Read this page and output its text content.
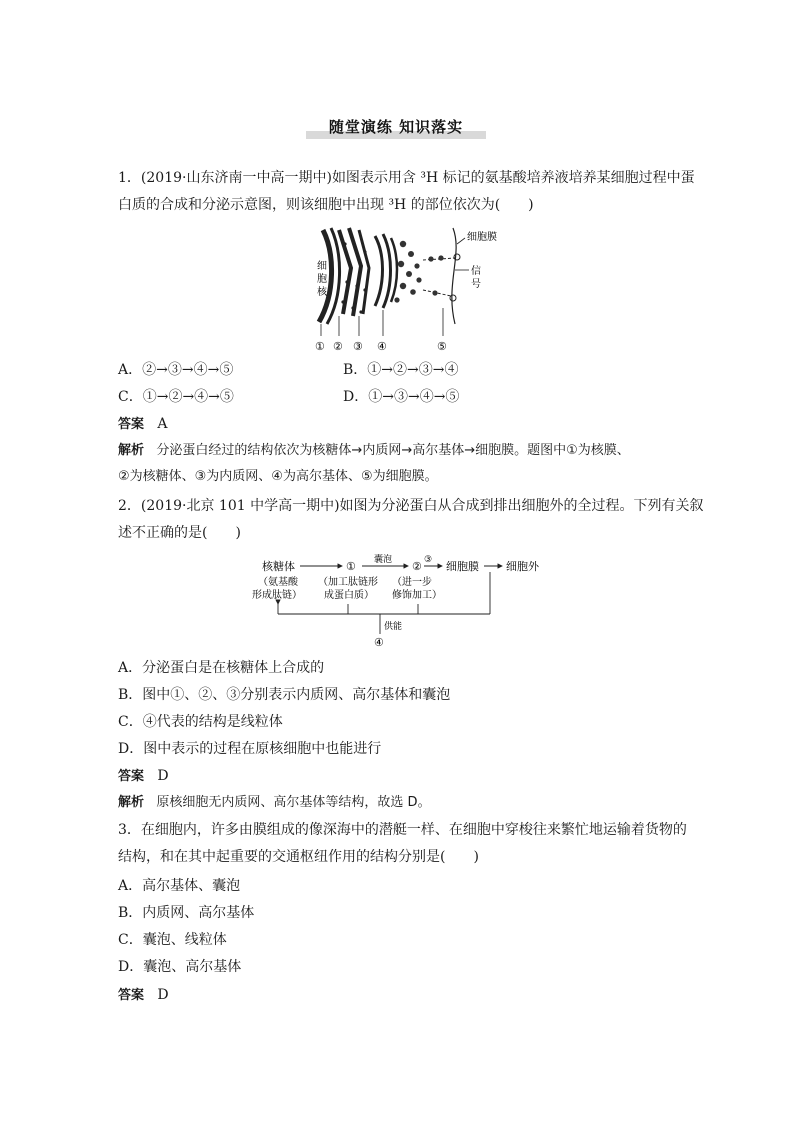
随堂演练 知识落实
1．(2019·山东济南一中高一期中)如图表示用含 ³H 标记的氨基酸培养液培养某细胞过程中蛋
白质的合成和分泌示意图，则该细胞中出现 ³H 的部位依次为(　　)
细 胞 核
细胞膜
信
号
① ② ③ ④	⑤
A．②→③→④→⑤	B．①→②→③→④
C．①→②→④→⑤	D．①→③→④→⑤
答案 A
解析 分泌蛋白经过的结构依次为核糖体→内质网→高尔基体→细胞膜。题图中①为核膜、
②为核糖体、③为内质网、④为高尔基体、⑤为细胞膜。
2．(2019·北京 101 中学高一期中)如图为分泌蛋白从合成到排出细胞外的全过程。下列有关叙
述不正确的是(　　)
核糖体	① 囊泡 ② ③ 细胞膜 细胞外
（氨基酸
形成肽链）
（加工肽链形
成蛋白质）
（进一步
修饰加工）
供能
④
A．分泌蛋白是在核糖体上合成的
B．图中①、②、③分别表示内质网、高尔基体和囊泡
C．④代表的结构是线粒体
D．图中表示的过程在原核细胞中也能进行
答案 D
解析 原核细胞无内质网、高尔基体等结构，故选 D。
3．在细胞内，许多由膜组成的像深海中的潜艇一样、在细胞中穿梭往来繁忙地运输着货物的
结构，和在其中起重要的交通枢纽作用的结构分别是(　　)
A．高尔基体、囊泡
B．内质网、高尔基体
C．囊泡、线粒体
D．囊泡、高尔基体
答案 D
